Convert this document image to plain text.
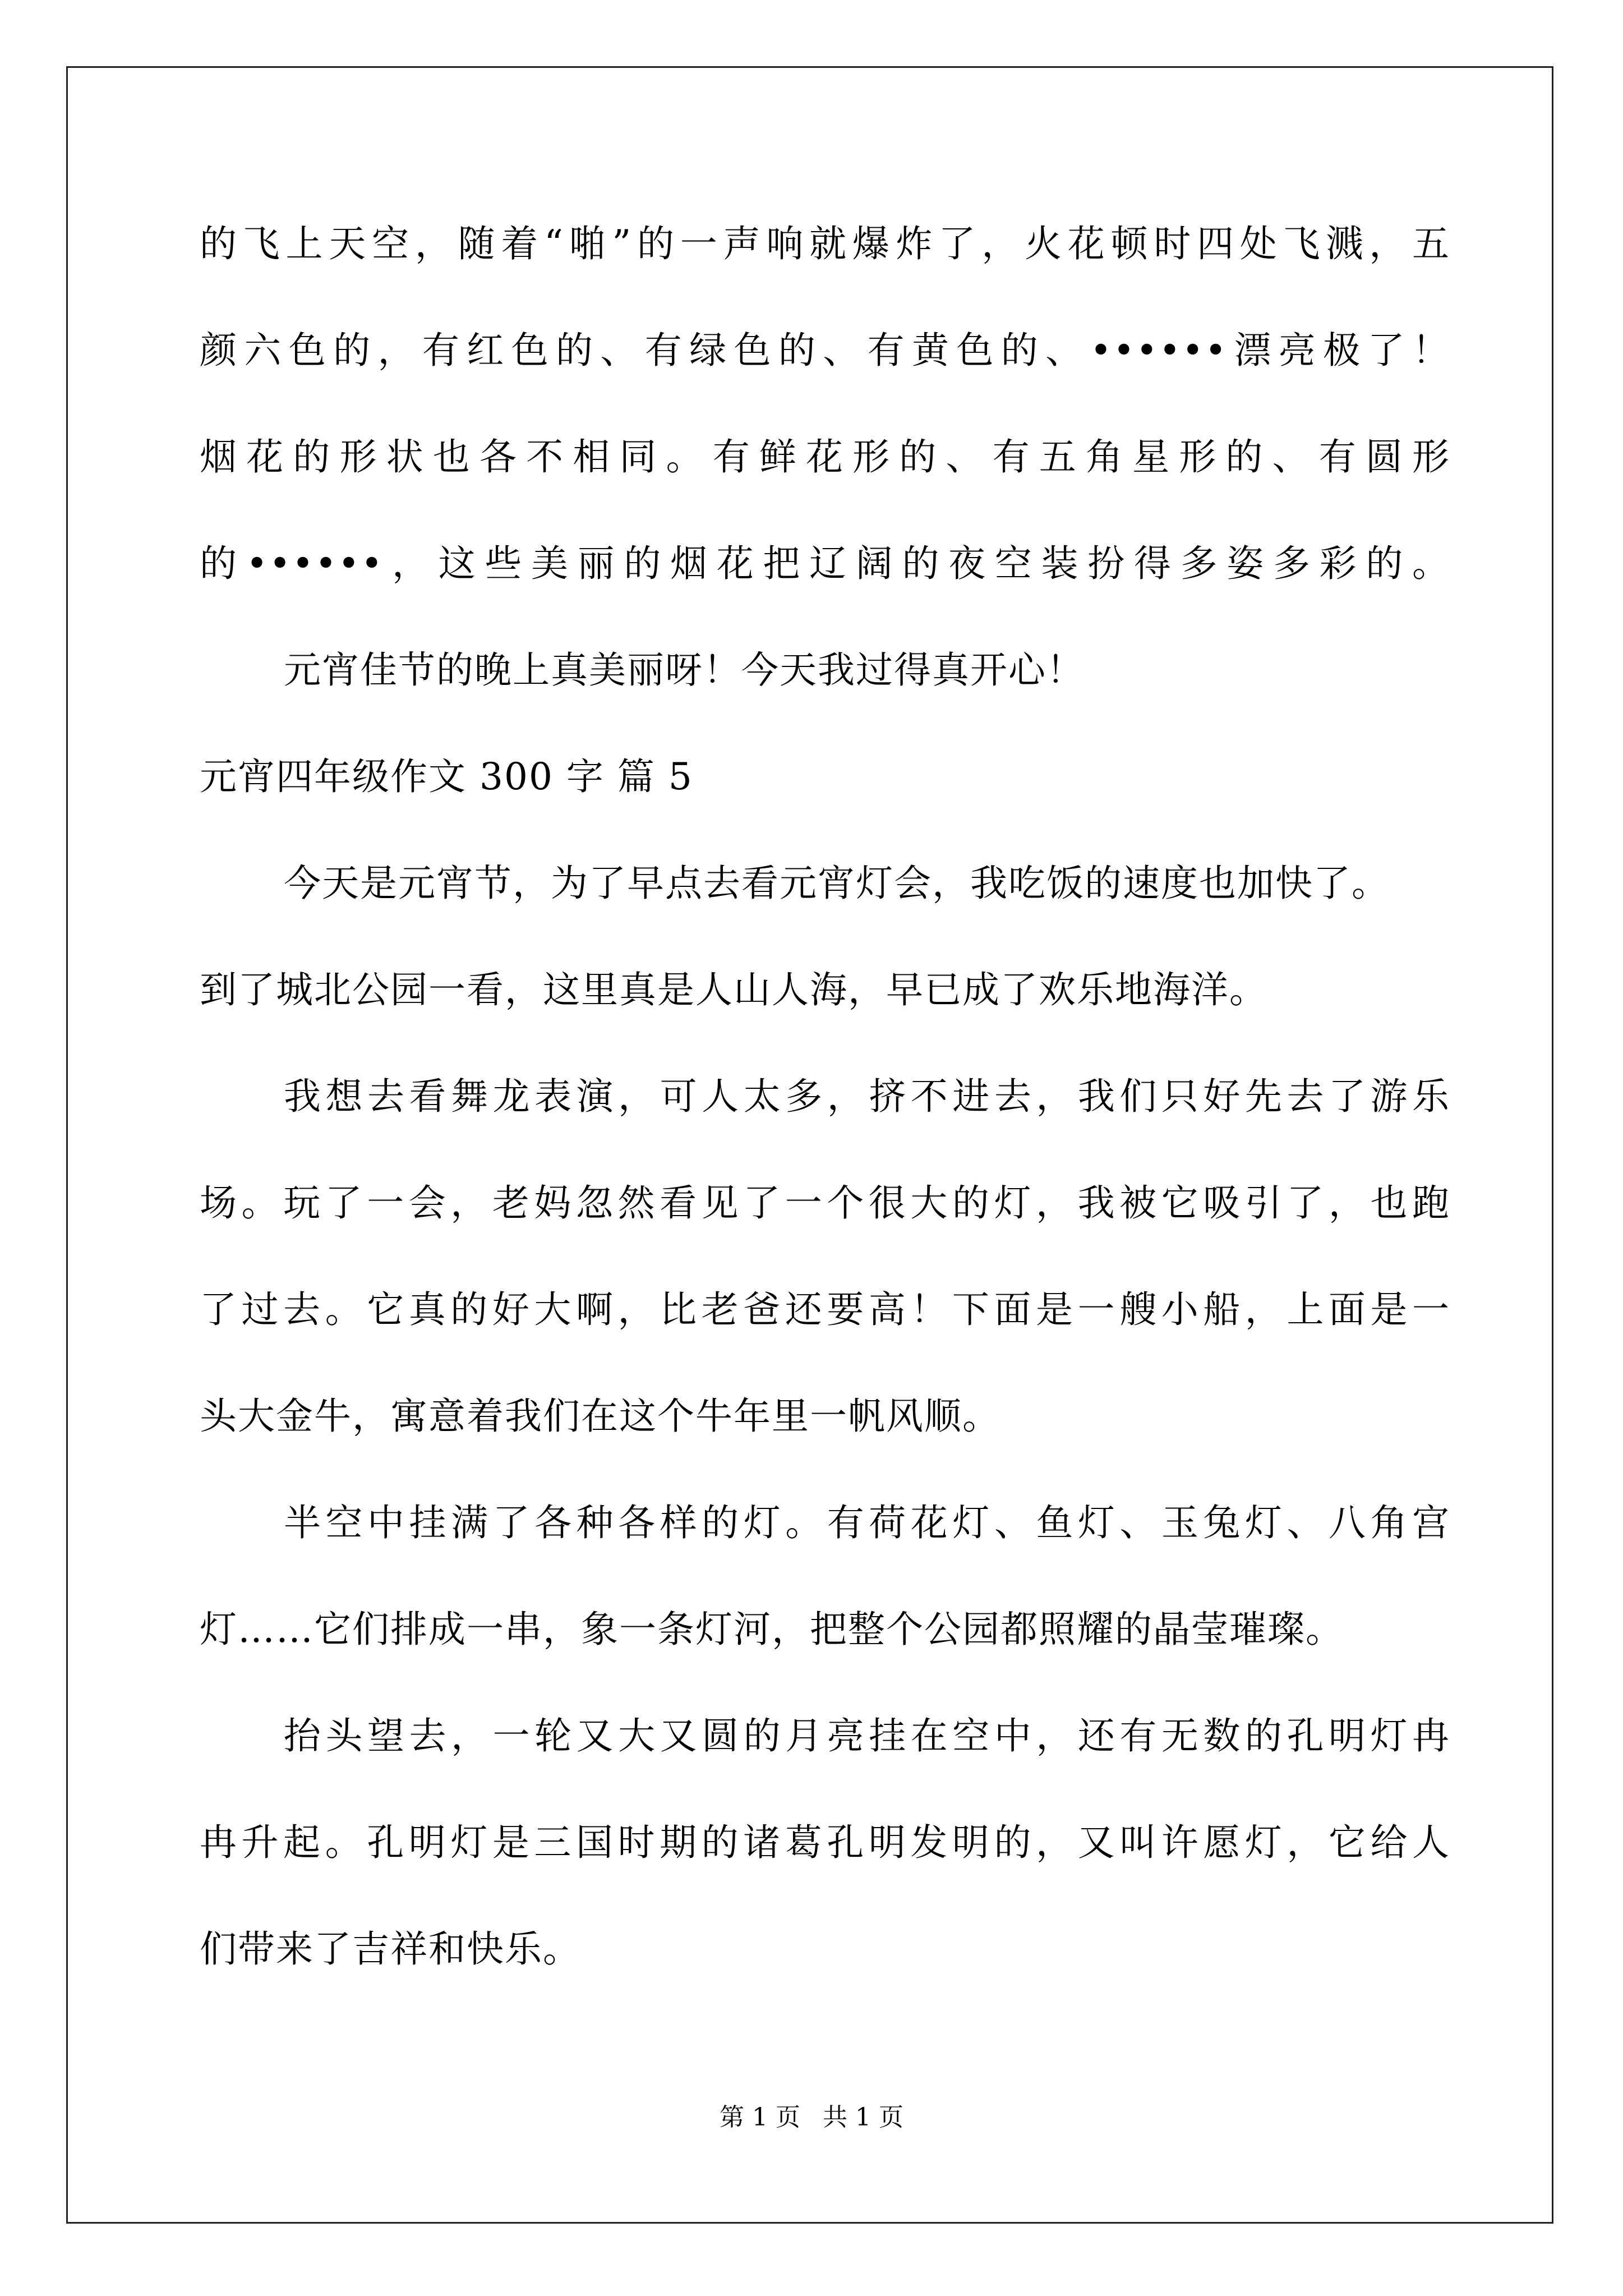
的飞上天空，随着“啪”的一声响就爆炸了，火花顿时四处飞溅，五
颜六色的，有红色的、有绿色的、有黄色的、••••••漂亮极了！
烟花的形状也各不相同。有鲜花形的、有五角星形的、有圆形
的••••••，这些美丽的烟花把辽阔的夜空装扮得多姿多彩的。
元宵佳节的晚上真美丽呀！今天我过得真开心！
元宵四年级作文 300 字 篇 5
今天是元宵节，为了早点去看元宵灯会，我吃饭的速度也加快了。
到了城北公园一看，这里真是人山人海，早已成了欢乐地海洋。
我想去看舞龙表演，可人太多，挤不进去，我们只好先去了游乐
场。玩了一会，老妈忽然看见了一个很大的灯，我被它吸引了，也跑
了过去。它真的好大啊，比老爸还要高！下面是一艘小船，上面是一
头大金牛，寓意着我们在这个牛年里一帆风顺。
半空中挂满了各种各样的灯。有荷花灯、鱼灯、玉兔灯、八角宫
灯……它们排成一串，象一条灯河，把整个公园都照耀的晶莹璀璨。
抬头望去，一轮又大又圆的月亮挂在空中，还有无数的孔明灯冉
冉升起。孔明灯是三国时期的诸葛孔明发明的，又叫许愿灯，它给人
们带来了吉祥和快乐。
第 1 页 共 1 页
